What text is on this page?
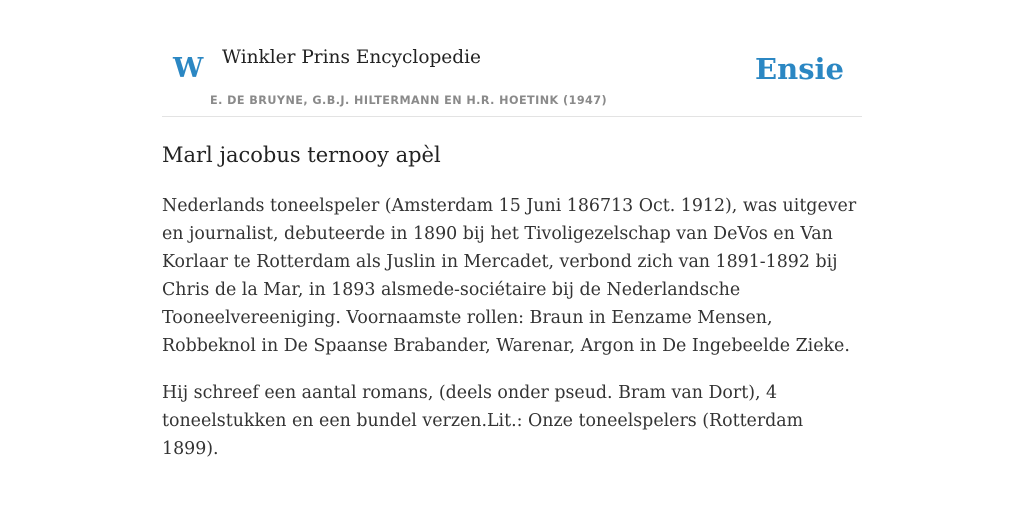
W Winkler Prins Encyclopedie
E. DE BRUYNE, G.B.J. HILTERMANN EN H.R. HOETINK (1947)
Ensie
Marl jacobus ternooy apèl

Nederlands toneelspeler (Amsterdam 15 Juni 186713 Oct. 1912), was uitgever en journalist, debuteerde in 1890 bij het Tivoligezelschap van DeVos en Van Korlaar te Rotterdam als Juslin in Mercadet, verbond zich van 1891-1892 bij Chris de la Mar, in 1893 alsmede-sociétaire bij de Nederlandsche Tooneelvereeniging. Voornaamste rollen: Braun in Eenzame Mensen, Robbeknol in De Spaanse Brabander, Warenar, Argon in De Ingebeelde Zieke.

Hij schreef een aantal romans, (deels onder pseud. Bram van Dort), 4 toneelstukken en een bundel verzen.Lit.: Onze toneelspelers (Rotterdam 1899).
